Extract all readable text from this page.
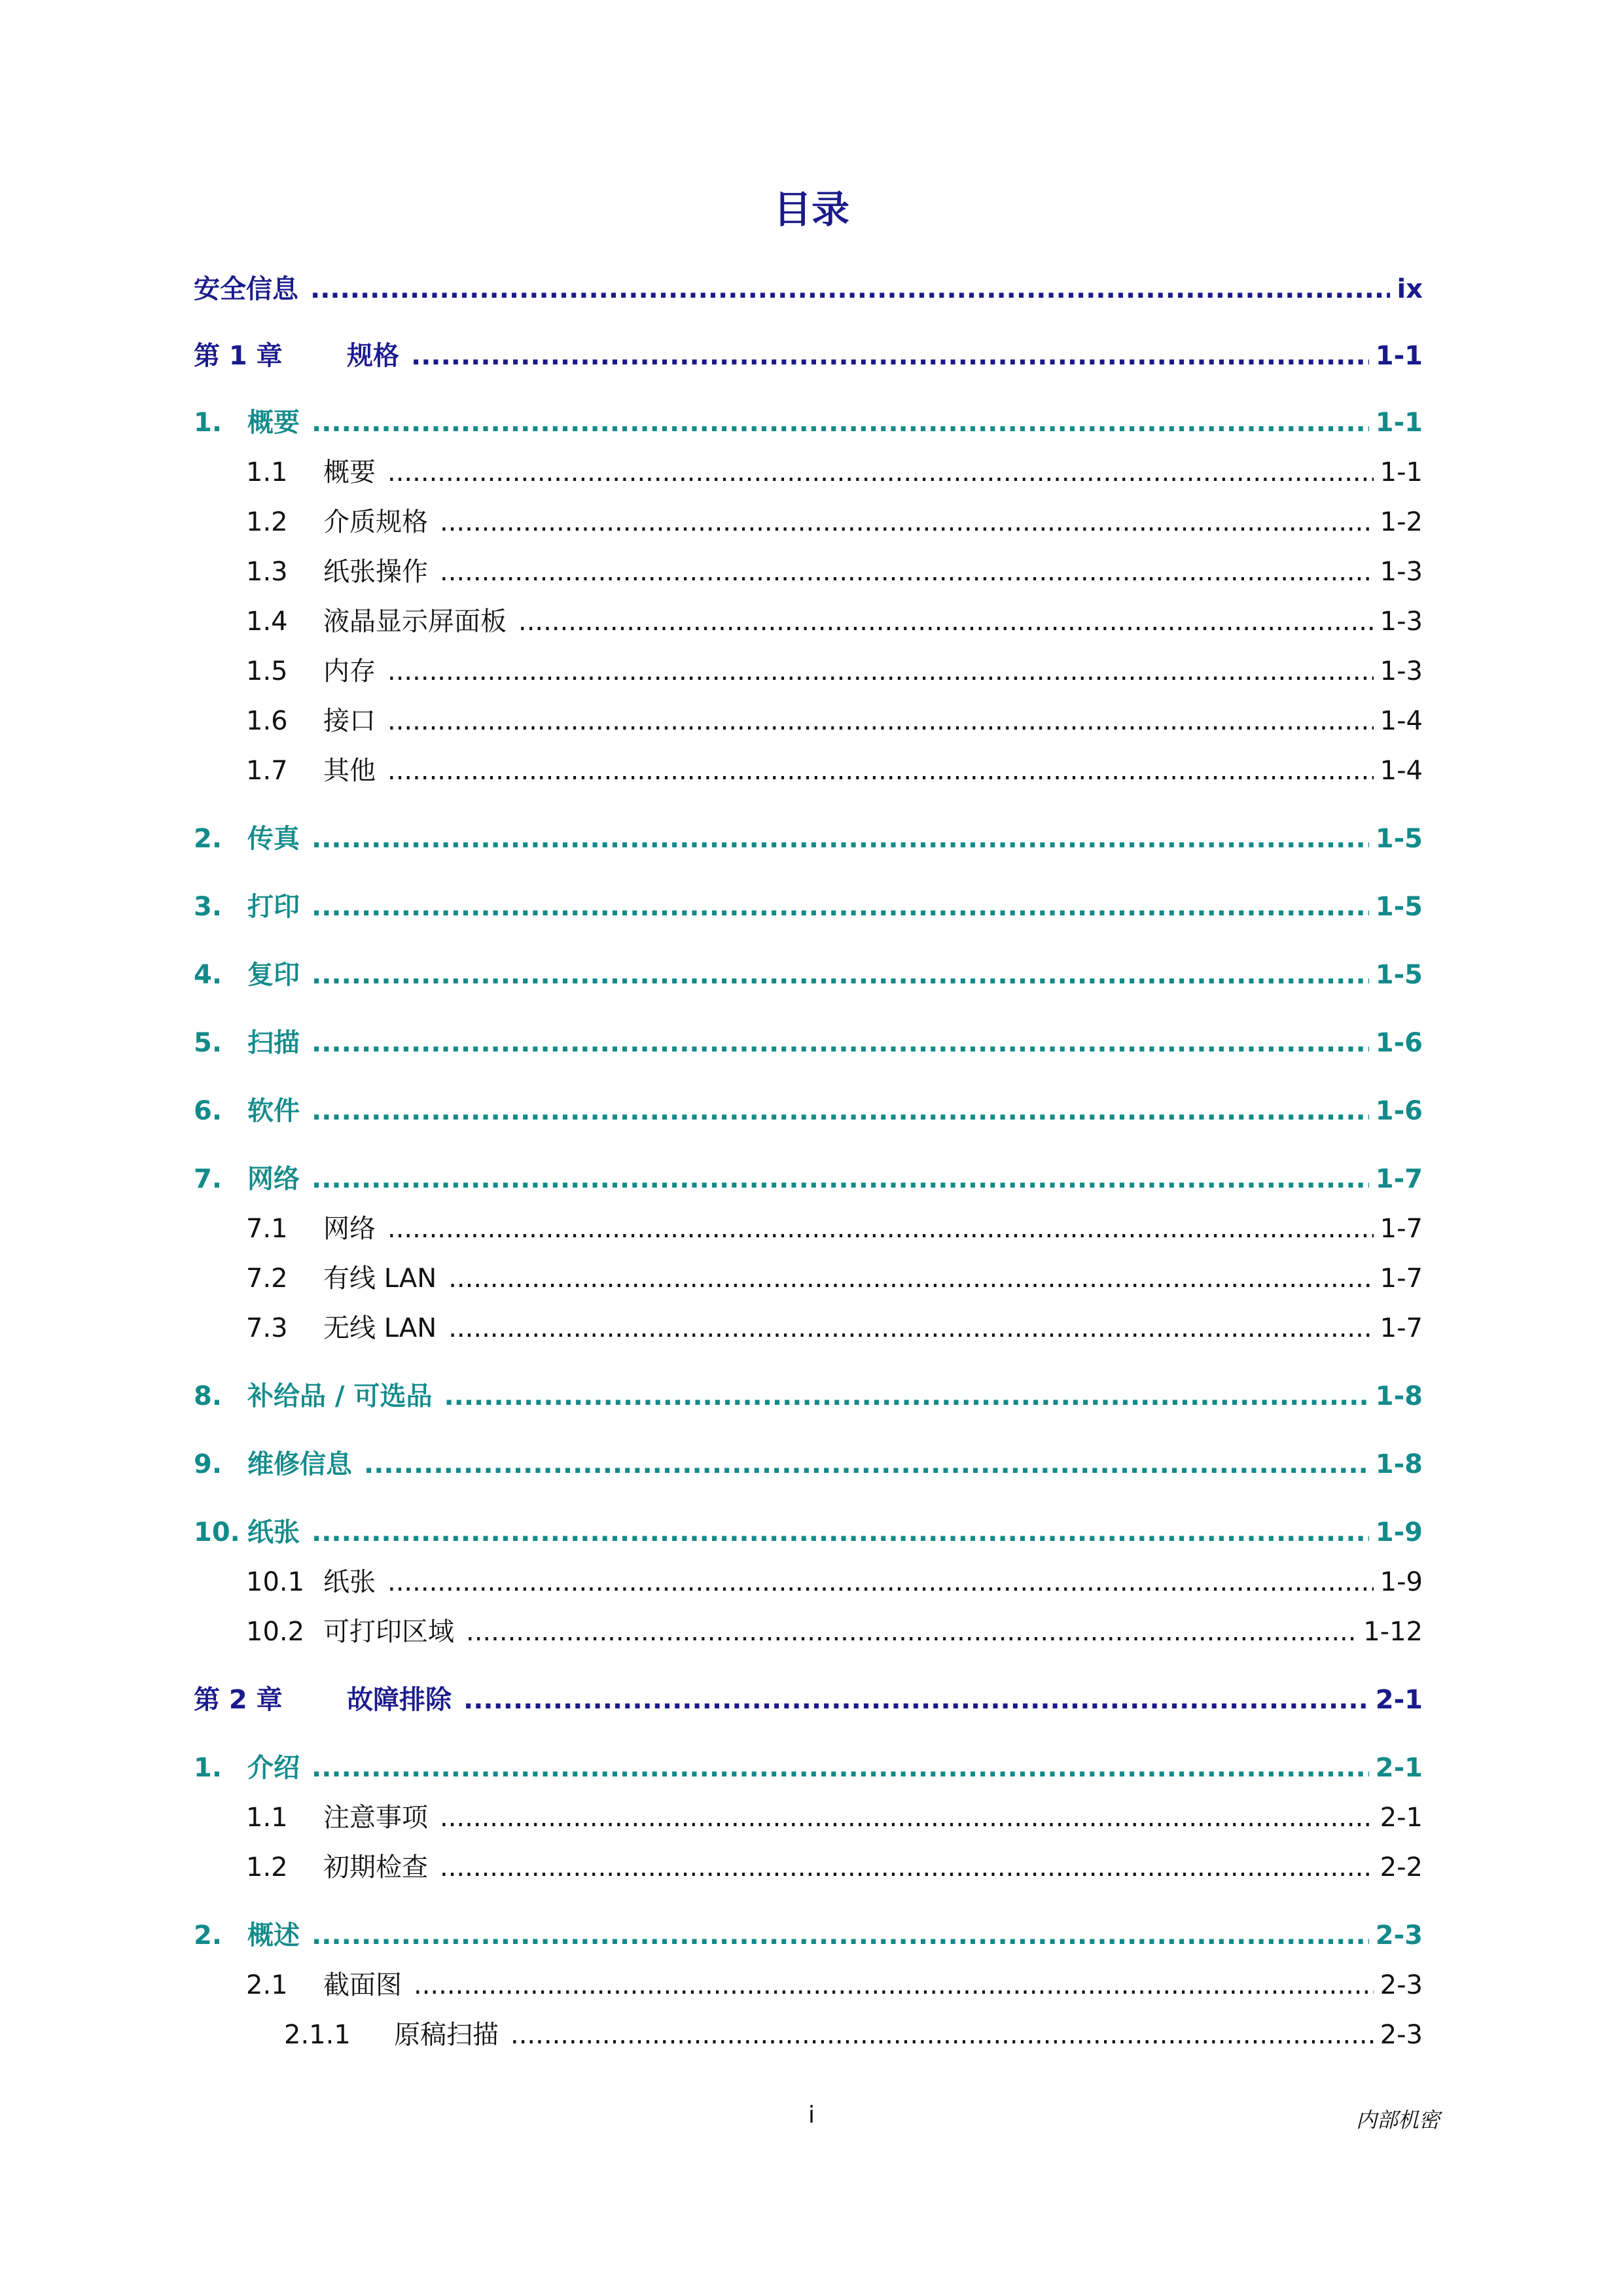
目录
安全信息 .....	ix
第 1 章	规格 .....	1-1
1. 概要 .....	1-1
1.1	概要 .....	1-1
1.2	介质规格 .....	1-2
1.3	纸张操作 .....	1-3
1.4	液晶显示屏面板 .....	1-3
1.5	内存 .....	1-3
1.6	接口 .....	1-4
1.7	其他 .....	1-4
2. 传真 .....	1-5
3. 打印 .....	1-5
4. 复印 .....	1-5
5. 扫描 .....	1-6
6. 软件 .....	1-6
7. 网络 .....	1-7
7.1	网络 .....	1-7
7.2	有线 LAN .....	1-7
7.3	无线 LAN .....	1-7
8. 补给品 / 可选品 .....	1-8
9. 维修信息 .....	1-8
10. 纸张 .....	1-9
10.1 纸张 .....	1-9
10.2 可打印区域 .....	1-12
第 2 章	故障排除 .....	2-1
1. 介绍 .....	2-1
1.1	注意事项 .....	2-1
1.2	初期检查 .....	2-2
2. 概述 .....	2-3
2.1	截面图 .....	2-3
2.1.1	原稿扫描 .....	2-3
i	内部机密
